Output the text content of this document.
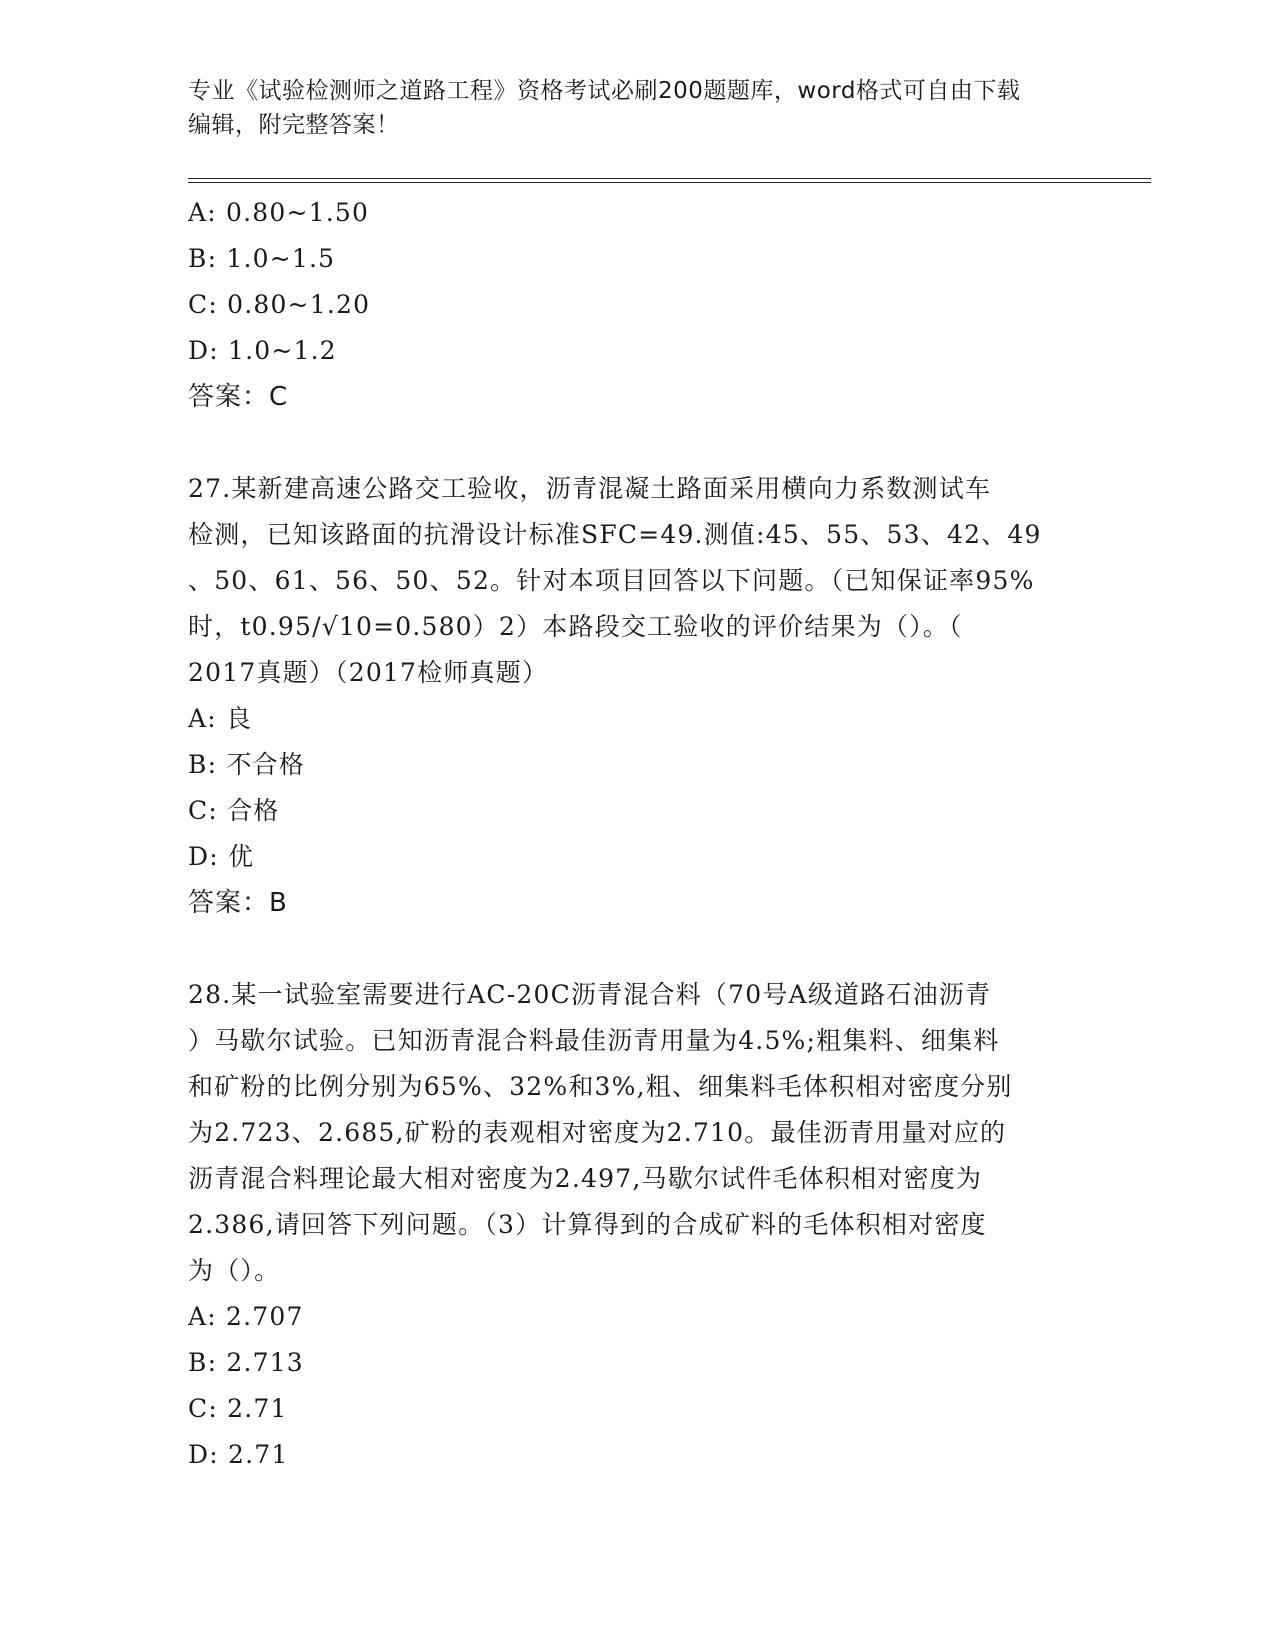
专业《试验检测师之道路工程》资格考试必刷200题题库，word格式可自由下载
编辑，附完整答案！
A: 0.80~1.50
B: 1.0~1.5
C: 0.80~1.20
D: 1.0~1.2
答案：C
27.某新建高速公路交工验收，沥青混凝土路面采用横向力系数测试车
检测，已知该路面的抗滑设计标准SFC=49.测值:45、55、53、42、49
、50、61、56、50、52。针对本项目回答以下问题。（已知保证率95%
时，t0.95/√10=0.580）2）本路段交工验收的评价结果为（）。（
2017真题）（2017检师真题）
A: 良
B: 不合格
C: 合格
D: 优
答案：B
28.某一试验室需要进行AC-20C沥青混合料（70号A级道路石油沥青
）马歇尔试验。已知沥青混合料最佳沥青用量为4.5%;粗集料、细集料
和矿粉的比例分别为65%、32%和3%,粗、细集料毛体积相对密度分别
为2.723、2.685,矿粉的表观相对密度为2.710。最佳沥青用量对应的
沥青混合料理论最大相对密度为2.497,马歇尔试件毛体积相对密度为
2.386,请回答下列问题。（3）计算得到的合成矿料的毛体积相对密度
为（）。
A: 2.707
B: 2.713
C: 2.71
D: 2.71
